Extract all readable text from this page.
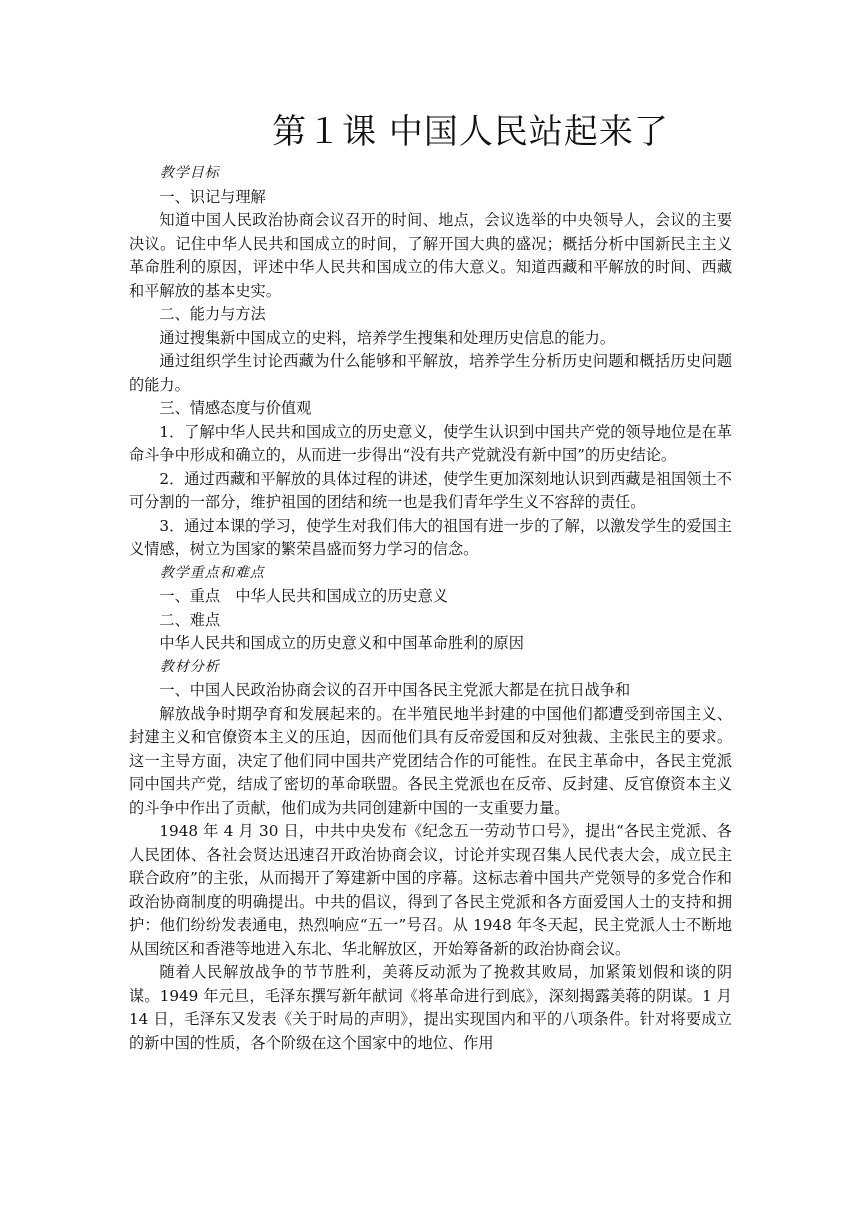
第１课 中国人民站起来了

教学目标

一、识记与理解

知道中国人民政治协商会议召开的时间、地点，会议选举的中央领导人，会议的主要决议。记住中华人民共和国成立的时间，了解开国大典的盛况；概括分析中国新民主主义革命胜利的原因，评述中华人民共和国成立的伟大意义。知道西藏和平解放的时间、西藏和平解放的基本史实。

二、能力与方法

通过搜集新中国成立的史料，培养学生搜集和处理历史信息的能力。

通过组织学生讨论西藏为什么能够和平解放，培养学生分析历史问题和概括历史问题的能力。

三、情感态度与价值观

1．了解中华人民共和国成立的历史意义，使学生认识到中国共产党的领导地位是在革命斗争中形成和确立的，从而进一步得出“没有共产党就没有新中国”的历史结论。

2．通过西藏和平解放的具体过程的讲述，使学生更加深刻地认识到西藏是祖国领土不可分割的一部分，维护祖国的团结和统一也是我们青年学生义不容辞的责任。

3．通过本课的学习，使学生对我们伟大的祖国有进一步的了解，以激发学生的爱国主义情感，树立为国家的繁荣昌盛而努力学习的信念。

教学重点和难点

一、重点　中华人民共和国成立的历史意义

二、难点

中华人民共和国成立的历史意义和中国革命胜利的原因

教材分析

一、中国人民政治协商会议的召开中国各民主党派大都是在抗日战争和

解放战争时期孕育和发展起来的。在半殖民地半封建的中国他们都遭受到帝国主义、封建主义和官僚资本主义的压迫，因而他们具有反帝爱国和反对独裁、主张民主的要求。这一主导方面，决定了他们同中国共产党团结合作的可能性。在民主革命中，各民主党派同中国共产党，结成了密切的革命联盟。各民主党派也在反帝、反封建、反官僚资本主义的斗争中作出了贡献，他们成为共同创建新中国的一支重要力量。

1948 年 4 月 30 日，中共中央发布《纪念五一劳动节口号》，提出“各民主党派、各人民团体、各社会贤达迅速召开政治协商会议，讨论并实现召集人民代表大会，成立民主联合政府”的主张，从而揭开了筹建新中国的序幕。这标志着中国共产党领导的多党合作和政治协商制度的明确提出。中共的倡议，得到了各民主党派和各方面爱国人士的支持和拥护：他们纷纷发表通电，热烈响应“五一”号召。从 1948 年冬天起，民主党派人士不断地从国统区和香港等地进入东北、华北解放区，开始筹备新的政治协商会议。

随着人民解放战争的节节胜利，美蒋反动派为了挽救其败局，加紧策划假和谈的阴谋。1949 年元旦，毛泽东撰写新年献词《将革命进行到底》，深刻揭露美蒋的阴谋。1 月 14 日，毛泽东又发表《关于时局的声明》，提出实现国内和平的八项条件。针对将要成立的新中国的性质，各个阶级在这个国家中的地位、作用
